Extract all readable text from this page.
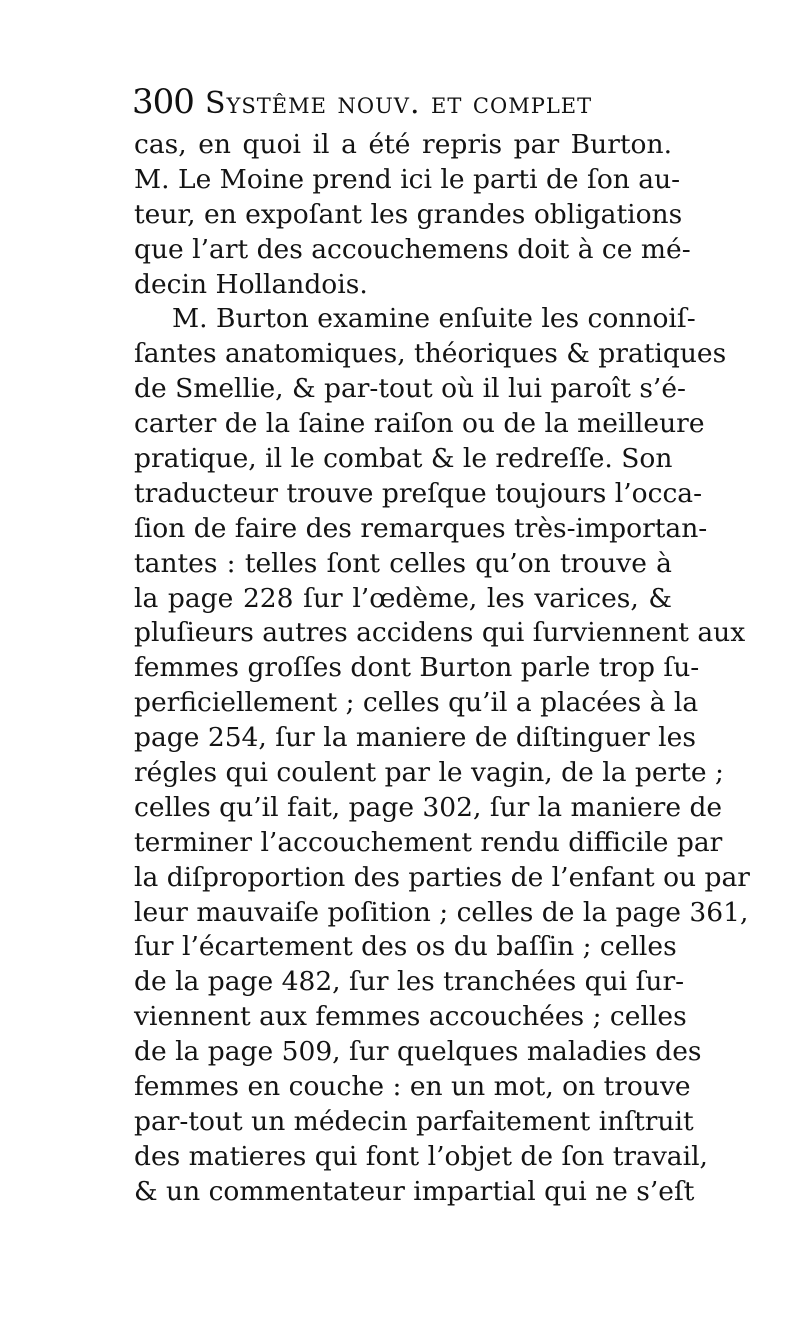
300 Systême nouv. et complet
cas, en quoi il a été repris par Burton.
M. Le Moine prend ici le parti de ſon au-
teur, en expoſant les grandes obligations
que l’art des accouchemens doit à ce mé-
decin Hollandois.
M. Burton examine enſuite les connoiſ-
ſantes anatomiques, théoriques & pratiques
de Smellie, & par-tout où il lui paroît s’é-
carter de la ſaine raiſon ou de la meilleure
pratique, il le combat & le redreſſe. Son
traducteur trouve preſque toujours l’occa-
ſion de faire des remarques très-importan-
tantes : telles ſont celles qu’on trouve à
la page 228 ſur l’œdème, les varices, &
pluſieurs autres accidens qui ſurviennent aux
femmes groſſes dont Burton parle trop ſu-
perficiellement ; celles qu’il a placées à la
page 254, ſur la maniere de diſtinguer les
régles qui coulent par le vagin, de la perte ;
celles qu’il fait, page 302, ſur la maniere de
terminer l’accouchement rendu difficile par
la diſproportion des parties de l’enfant ou par
leur mauvaiſe poſition ; celles de la page 361,
ſur l’écartement des os du baſſin ; celles
de la page 482, ſur les tranchées qui ſur-
viennent aux femmes accouchées ; celles
de la page 509, ſur quelques maladies des
femmes en couche : en un mot, on trouve
par-tout un médecin parfaitement inſtruit
des matieres qui font l’objet de ſon travail,
& un commentateur impartial qui ne s’eſt
